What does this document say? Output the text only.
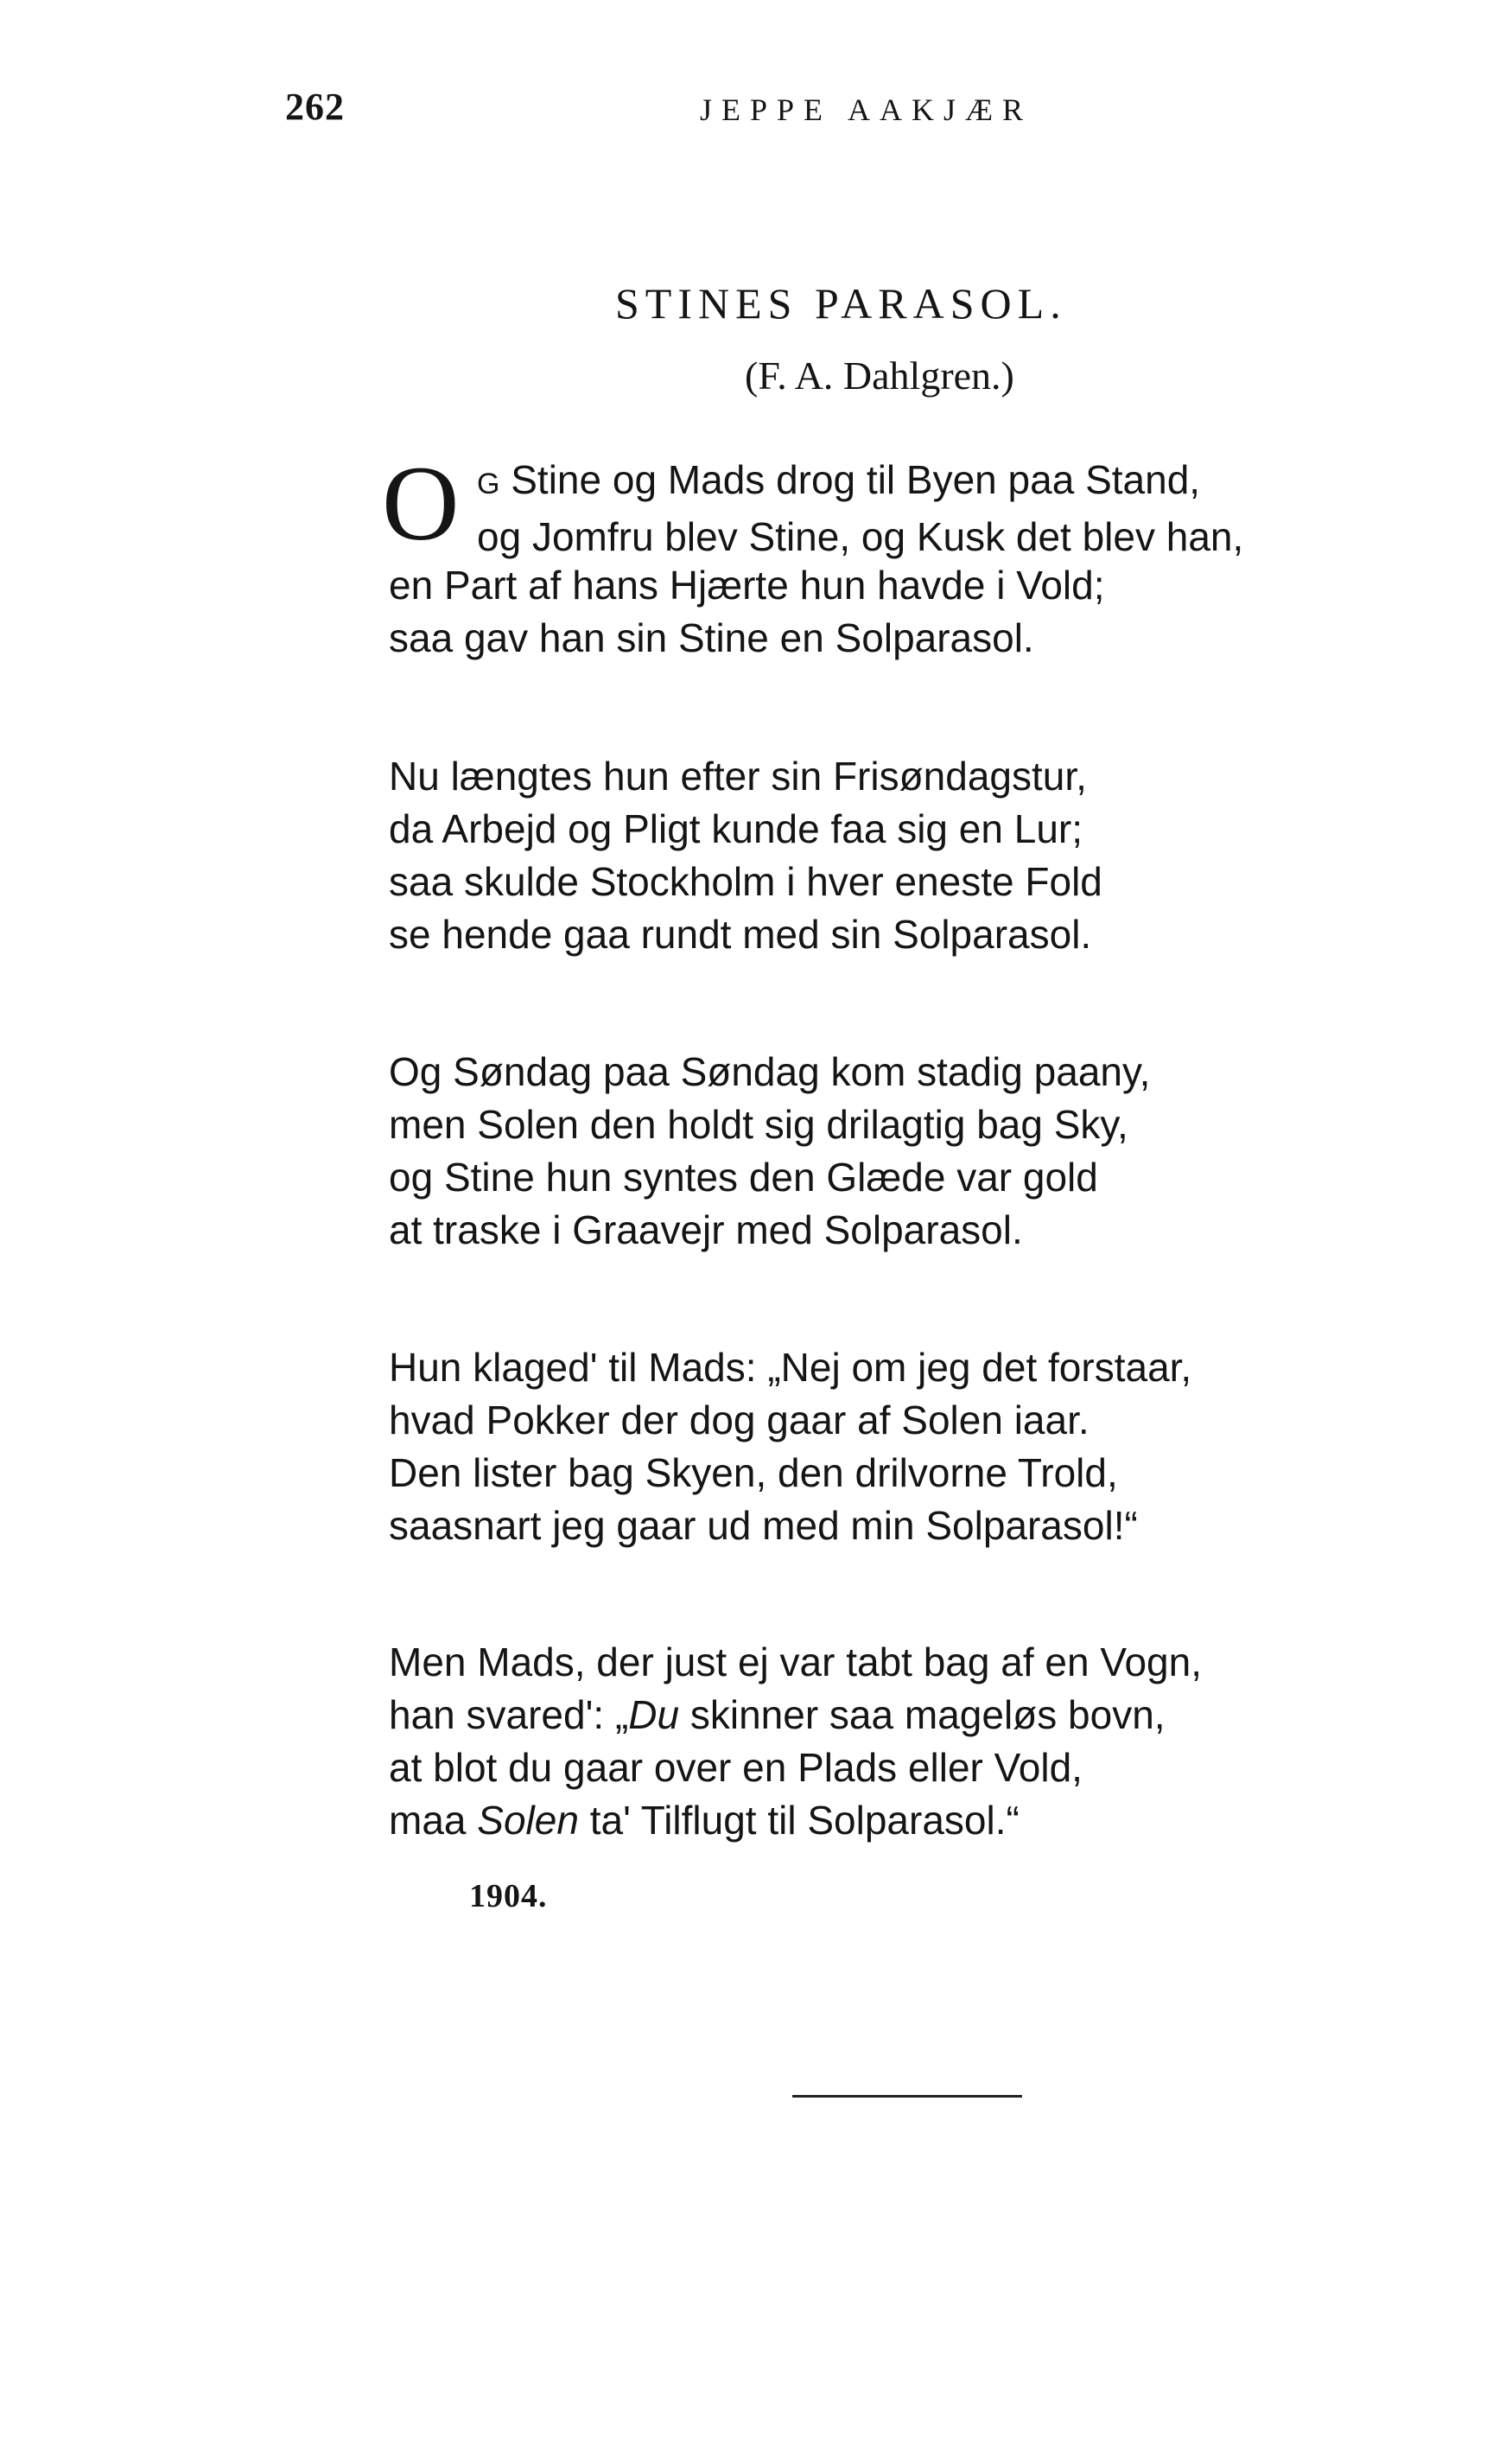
262	JEPPE AAKJÆR
STINES PARASOL.
(F. A. Dahlgren.)
O G Stine og Mads drog til Byen paa Stand,
og Jomfru blev Stine, og Kusk det blev han,
en Part af hans Hjærte hun havde i Vold;
saa gav han sin Stine en Solparasol.
Nu længtes hun efter sin Frisøndagstur,
da Arbejd og Pligt kunde faa sig en Lur;
saa skulde Stockholm i hver eneste Fold
se hende gaa rundt med sin Solparasol.
Og Søndag paa Søndag kom stadig paany,
men Solen den holdt sig drilagtig bag Sky,
og Stine hun syntes den Glæde var gold
at traske i Graavejr med Solparasol.
Hun klaged' til Mads: „Nej om jeg det forstaar,
hvad Pokker der dog gaar af Solen iaar.
Den lister bag Skyen, den drilvorne Trold,
saasnart jeg gaar ud med min Solparasol!“
Men Mads, der just ej var tabt bag af en Vogn,
han svared': „Du skinner saa mageløs bovn,
at blot du gaar over en Plads eller Vold,
maa Solen ta' Tilflugt til Solparasol.“
1904.
